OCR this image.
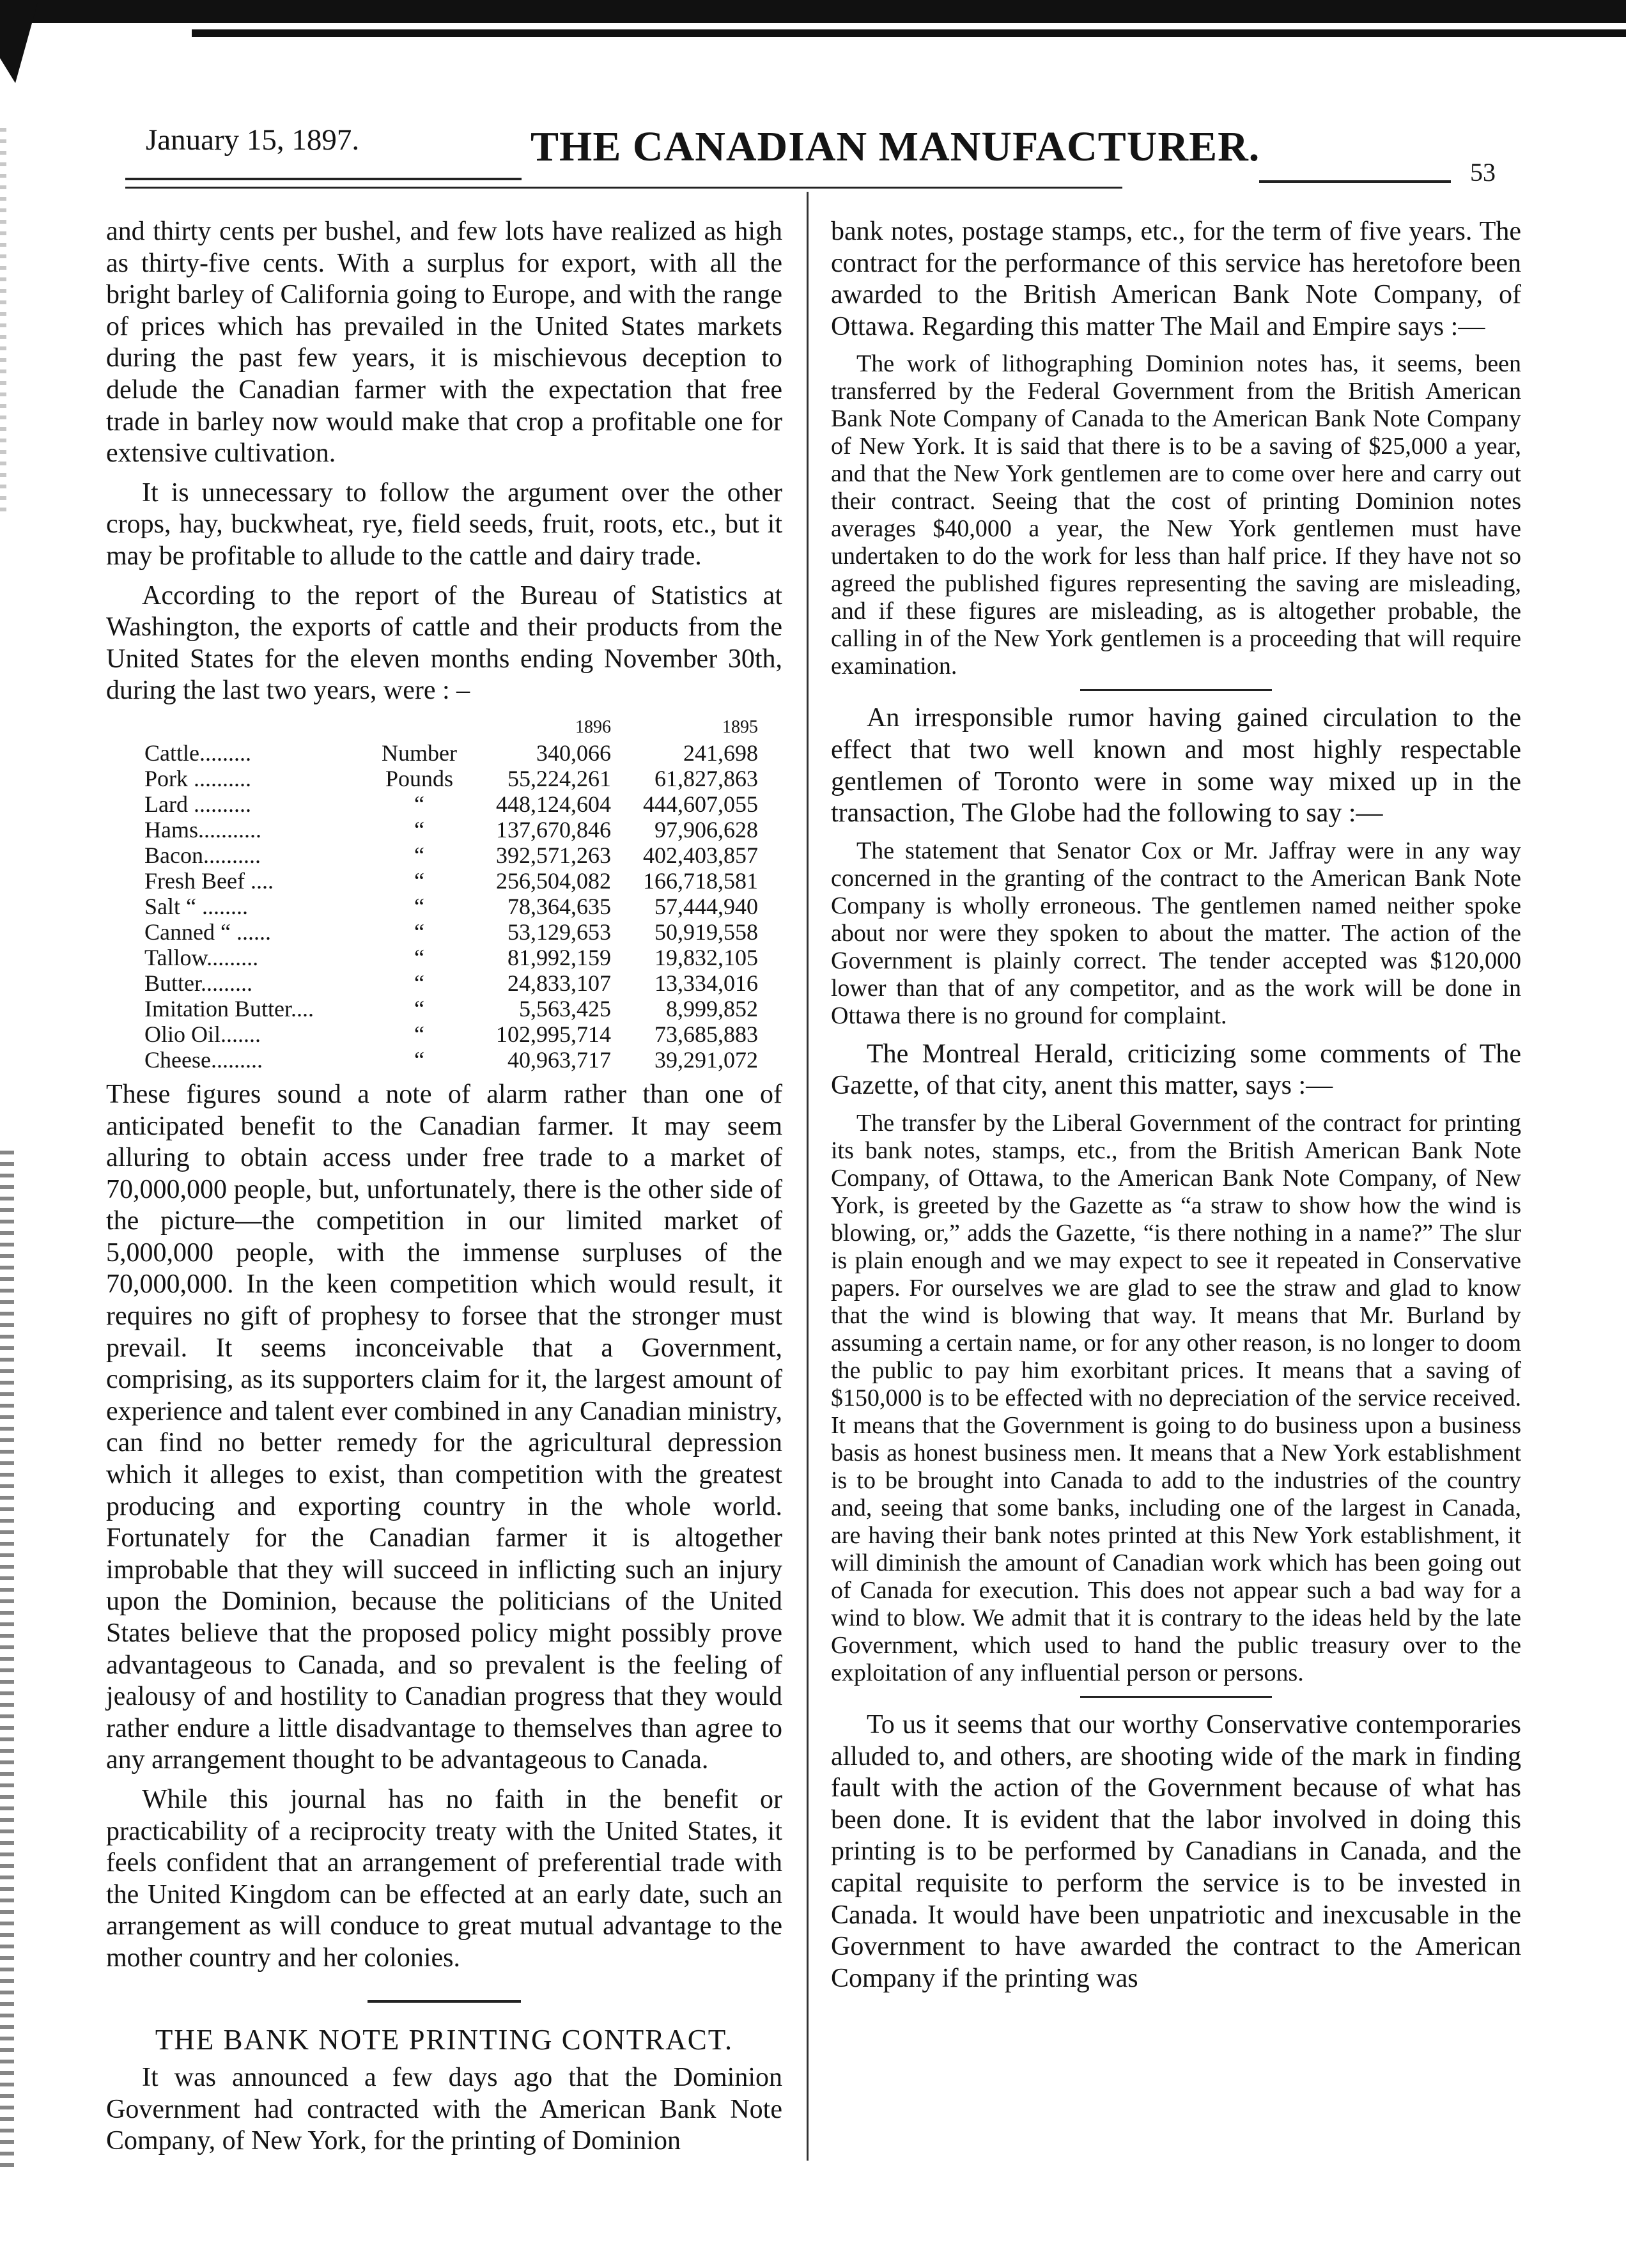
January 15, 1897.	THE CANADIAN MANUFACTURER.
53

and thirty cents per bushel, and few lots have realized as high as thirty-five cents. With a surplus for export, with all the bright barley of California going to Europe, and with the range of prices which has prevailed in the United States markets during the past few years, it is mischievous deception to delude the Canadian farmer with the expectation that free trade in barley now would make that crop a profitable one for extensive cultivation.

It is unnecessary to follow the argument over the other crops, hay, buckwheat, rye, field seeds, fruit, roots, etc., but it may be profitable to allude to the cattle and dairy trade.

According to the report of the Bureau of Statistics at Washington, the exports of cattle and their products from the United States for the eleven months ending November 30th, during the last two years, were : –

		1896	1895
Cattle.........	Number	340,066	241,698
Pork ..........	Pounds	55,224,261	61,827,863
Lard ..........	“	448,124,604	444,607,055
Hams...........	“	137,670,846	97,906,628
Bacon..........	“	392,571,263	402,403,857
Fresh Beef ....	“	256,504,082	166,718,581
Salt “ ........	“	78,364,635	57,444,940
Canned “ ......	“	53,129,653	50,919,558
Tallow.........	“	81,992,159	19,832,105
Butter.........	“	24,833,107	13,334,016
Imitation Butter....	“	5,563,425	8,999,852
Olio Oil.......	“	102,995,714	73,685,883
Cheese.........	“	40,963,717	39,291,072

These figures sound a note of alarm rather than one of anticipated benefit to the Canadian farmer. It may seem alluring to obtain access under free trade to a market of 70,000,000 people, but, unfortunately, there is the other side of the picture—the competition in our limited market of 5,000,000 people, with the immense surpluses of the 70,000,000. In the keen competition which would result, it requires no gift of prophesy to forsee that the stronger must prevail. It seems inconceivable that a Government, comprising, as its supporters claim for it, the largest amount of experience and talent ever combined in any Canadian ministry, can find no better remedy for the agricultural depression which it alleges to exist, than competition with the greatest producing and exporting country in the whole world. Fortunately for the Canadian farmer it is altogether improbable that they will succeed in inflicting such an injury upon the Dominion, because the politicians of the United States believe that the proposed policy might possibly prove advantageous to Canada, and so prevalent is the feeling of jealousy of and hostility to Canadian progress that they would rather endure a little disadvantage to themselves than agree to any arrangement thought to be advantageous to Canada.

While this journal has no faith in the benefit or practicability of a reciprocity treaty with the United States, it feels confident that an arrangement of preferential trade with the United Kingdom can be effected at an early date, such an arrangement as will conduce to great mutual advantage to the mother country and her colonies.

THE BANK NOTE PRINTING CONTRACT.

It was announced a few days ago that the Dominion Government had contracted with the American Bank Note Company, of New York, for the printing of Dominion

bank notes, postage stamps, etc., for the term of five years. The contract for the performance of this service has heretofore been awarded to the British American Bank Note Company, of Ottawa. Regarding this matter The Mail and Empire says :—

The work of lithographing Dominion notes has, it seems, been transferred by the Federal Government from the British American Bank Note Company of Canada to the American Bank Note Company of New York. It is said that there is to be a saving of $25,000 a year, and that the New York gentlemen are to come over here and carry out their contract. Seeing that the cost of printing Dominion notes averages $40,000 a year, the New York gentlemen must have undertaken to do the work for less than half price. If they have not so agreed the published figures representing the saving are misleading, and if these figures are misleading, as is altogether probable, the calling in of the New York gentlemen is a proceeding that will require examination.

An irresponsible rumor having gained circulation to the effect that two well known and most highly respectable gentlemen of Toronto were in some way mixed up in the transaction, The Globe had the following to say :—

The statement that Senator Cox or Mr. Jaffray were in any way concerned in the granting of the contract to the American Bank Note Company is wholly erroneous. The gentlemen named neither spoke about nor were they spoken to about the matter. The action of the Government is plainly correct. The tender accepted was $120,000 lower than that of any competitor, and as the work will be done in Ottawa there is no ground for complaint.

The Montreal Herald, criticizing some comments of The Gazette, of that city, anent this matter, says :—

The transfer by the Liberal Government of the contract for printing its bank notes, stamps, etc., from the British American Bank Note Company, of Ottawa, to the American Bank Note Company, of New York, is greeted by the Gazette as “a straw to show how the wind is blowing, or,” adds the Gazette, “is there nothing in a name?” The slur is plain enough and we may expect to see it repeated in Conservative papers. For ourselves we are glad to see the straw and glad to know that the wind is blowing that way. It means that Mr. Burland by assuming a certain name, or for any other reason, is no longer to doom the public to pay him exorbitant prices. It means that a saving of $150,000 is to be effected with no depreciation of the service received. It means that the Government is going to do business upon a business basis as honest business men. It means that a New York establishment is to be brought into Canada to add to the industries of the country and, seeing that some banks, including one of the largest in Canada, are having their bank notes printed at this New York establishment, it will diminish the amount of Canadian work which has been going out of Canada for execution. This does not appear such a bad way for a wind to blow. We admit that it is contrary to the ideas held by the late Government, which used to hand the public treasury over to the exploitation of any influential person or persons.

To us it seems that our worthy Conservative contemporaries alluded to, and others, are shooting wide of the mark in finding fault with the action of the Government because of what has been done. It is evident that the labor involved in doing this printing is to be performed by Canadians in Canada, and the capital requisite to perform the service is to be invested in Canada. It would have been unpatriotic and inexcusable in the Government to have awarded the contract to the American Company if the printing was
